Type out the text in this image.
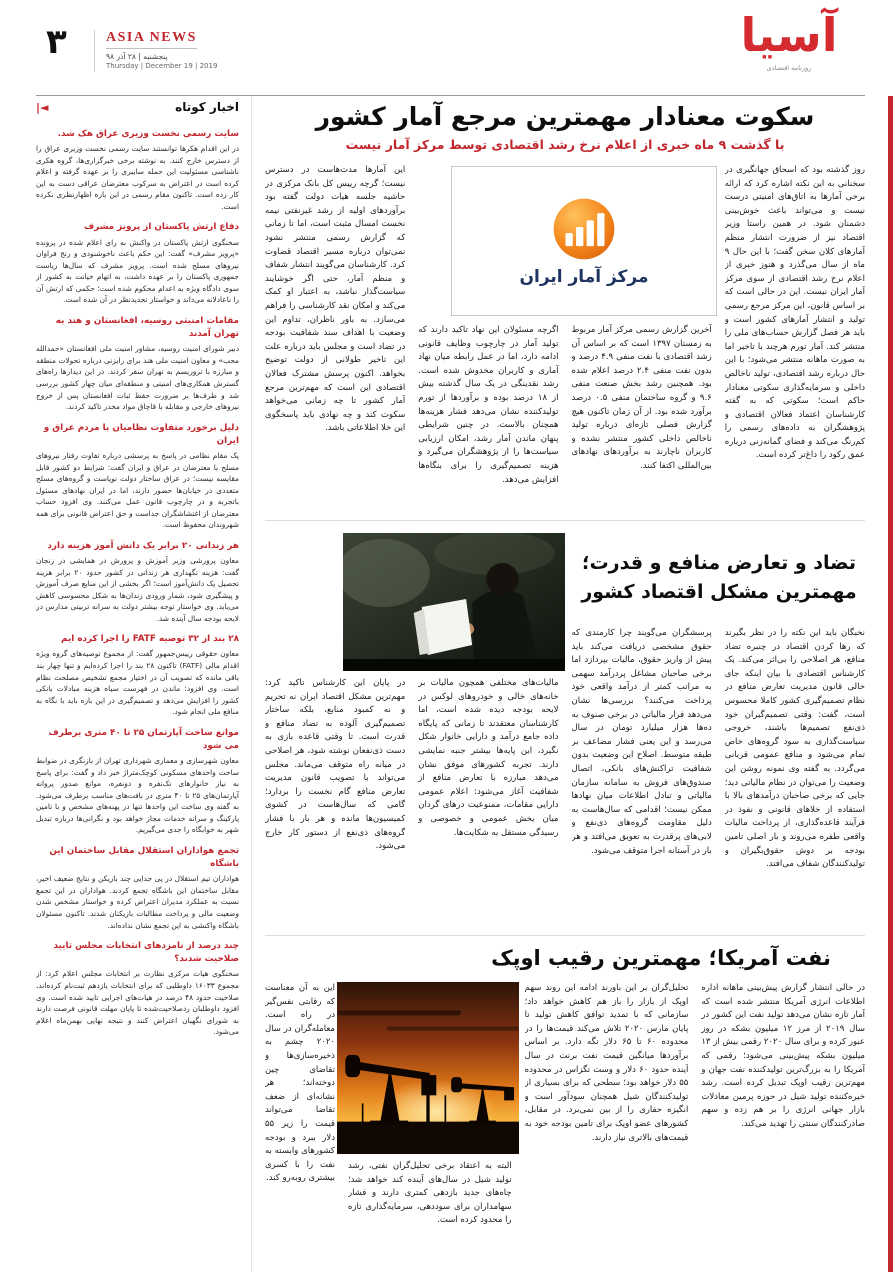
۳	ASIA NEWS
پنجشنبه | ۲۸ آذر ۹۸
Thursday | December 19 | 2019
آسیا
روزنامه اقتصادی
سکوت معنادار مهمترین مرجع آمار کشور
با گذشت ۹ ماه خبری از اعلام نرخ رشد اقتصادی توسط مرکز آمار نیست
مرکز آمار ایران
روز گذشته بود که اسحاق جهانگیری در سخنانی به این نکته اشاره کرد که ارائه برخی آمارها به اتاق‌های امنیتی درست نیست و می‌تواند باعث خوش‌بینی دشمنان شود. در همین راستا وزیر اقتصاد نیز از ضرورت انتشار منظم آمارهای کلان سخن گفت؛ با این حال ۹ ماه از سال می‌گذرد و هنوز خبری از اعلام نرخ رشد اقتصادی از سوی مرکز آمار ایران نیست. این در حالی است که بر اساس قانون، این مرکز مرجع رسمی تولید و انتشار آمارهای کشور است و باید هر فصل گزارش حساب‌های ملی را منتشر کند. آمار تورم هرچند با تاخیر اما به صورت ماهانه منتشر می‌شود؛ با این حال درباره رشد اقتصادی، تولید ناخالص داخلی و سرمایه‌گذاری سکوتی معنادار حاکم است؛ سکوتی که به گفته کارشناسان اعتماد فعالان اقتصادی و پژوهشگران به داده‌های رسمی را کم‌رنگ می‌کند و فضای گمانه‌زنی درباره عمق رکود را داغ‌تر کرده است.
آخرین گزارش رسمی مرکز آمار مربوط به زمستان ۱۳۹۷ است که بر اساس آن رشد اقتصادی با نفت منفی ۴.۹ درصد و بدون نفت منفی ۲.۴ درصد اعلام شده بود. همچنین رشد بخش صنعت منفی ۹.۶ و گروه ساختمان منفی ۰.۵ درصد برآورد شده بود. از آن زمان تاکنون هیچ گزارش فصلی تازه‌ای درباره تولید ناخالص داخلی کشور منتشر نشده و کاربران ناچارند به برآوردهای نهادهای بین‌المللی اکتفا کنند.
اگرچه مسئولان این نهاد تاکید دارند که تولید آمار در چارچوب وظایف قانونی ادامه دارد، اما در عمل رابطه میان نهاد آماری و کاربران مخدوش شده است. رشد نقدینگی در یک سال گذشته بیش از ۱۸ درصد بوده و برآوردها از تورم تولیدکننده نشان می‌دهد فشار هزینه‌ها همچنان بالاست. در چنین شرایطی پنهان ماندن آمار رشد، امکان ارزیابی سیاست‌ها را از پژوهشگران می‌گیرد و هزینه تصمیم‌گیری را برای بنگاه‌ها افزایش می‌دهد.
این آمارها مدت‌هاست در دسترس نیست؛ گرچه رییس کل بانک مرکزی در حاشیه جلسه هیات دولت گفته بود برآوردهای اولیه از رشد غیرنفتی نیمه نخست امسال مثبت است، اما تا زمانی که گزارش رسمی منتشر نشود نمی‌توان درباره مسیر اقتصاد قضاوت کرد. کارشناسان می‌گویند انتشار شفاف و منظم آمار، حتی اگر خوشایند سیاست‌گذار نباشد، به اعتبار او کمک می‌کند و امکان نقد کارشناسی را فراهم می‌سازد. به باور ناظران، تداوم این وضعیت با اهداف سند شفافیت بودجه در تضاد است و مجلس باید درباره علت این تاخیر طولانی از دولت توضیح بخواهد. اکنون پرسش مشترک فعالان اقتصادی این است که مهم‌ترین مرجع آمار کشور تا چه زمانی می‌خواهد سکوت کند و چه نهادی باید پاسخگوی این خلا اطلاعاتی باشد.
تضاد و تعارض منافع و قدرت؛
مهمترین مشکل اقتصاد کشور
نخبگان باید این نکته را در نظر بگیرند که رها کردن اقتصاد در چنبره تضاد منافع، هر اصلاحی را بی‌اثر می‌کند. یک کارشناس اقتصادی با بیان اینکه جای خالی قانون مدیریت تعارض منافع در نظام تصمیم‌گیری کشور کاملا محسوس است، گفت: وقتی تصمیم‌گیران خود ذی‌نفع تصمیم‌ها باشند، خروجی سیاست‌گذاری به سود گروه‌های خاص تمام می‌شود و منافع عمومی قربانی می‌گردد. به گفته وی نمونه روشن این وضعیت را می‌توان در نظام مالیاتی دید؛ جایی که برخی صاحبان درآمدهای بالا با استفاده از خلاهای قانونی و نفوذ در فرآیند قاعده‌گذاری، از پرداخت مالیات واقعی طفره می‌روند و بار اصلی تامین بودجه بر دوش حقوق‌بگیران و تولیدکنندگان شفاف می‌افتد.
پرسشگران می‌گویند چرا کارمندی که حقوق مشخصی دریافت می‌کند باید پیش از واریز حقوق، مالیات بپردازد اما برخی صاحبان مشاغل پردرآمد سهمی به مراتب کمتر از درآمد واقعی خود پرداخت می‌کنند؟ بررسی‌ها نشان می‌دهد فرار مالیاتی در برخی صنوف به ده‌ها هزار میلیارد تومان در سال می‌رسد و این یعنی فشار مضاعف بر طبقه متوسط. اصلاح این وضعیت بدون شفافیت تراکنش‌های بانکی، اتصال صندوق‌های فروش به سامانه سازمان مالیاتی و تبادل اطلاعات میان نهادها ممکن نیست؛ اقدامی که سال‌هاست به دلیل مقاومت گروه‌های ذی‌نفع و لابی‌های پرقدرت به تعویق می‌افتد و هر بار در آستانه اجرا متوقف می‌شود.
مالیات‌های مختلفی همچون مالیات بر خانه‌های خالی و خودروهای لوکس در لایحه بودجه دیده شده است، اما کارشناسان معتقدند تا زمانی که پایگاه داده جامع درآمد و دارایی خانوار شکل نگیرد، این پایه‌ها بیشتر جنبه نمایشی دارند. تجربه کشورهای موفق نشان می‌دهد مبارزه با تعارض منافع از شفافیت آغاز می‌شود: اعلام عمومی دارایی مقامات، ممنوعیت درهای گردان میان بخش عمومی و خصوصی و رسیدگی مستقل به شکایت‌ها.
در پایان این کارشناس تاکید کرد: مهم‌ترین مشکل اقتصاد ایران نه تحریم و نه کمبود منابع، بلکه ساختار تصمیم‌گیری آلوده به تضاد منافع و قدرت است. تا وقتی قاعده بازی به دست ذی‌نفعان نوشته شود، هر اصلاحی در میانه راه متوقف می‌ماند. مجلس می‌تواند با تصویب قانون مدیریت تعارض منافع گام نخست را بردارد؛ گامی که سال‌هاست در کشوی کمیسیون‌ها مانده و هر بار با فشار گروه‌های ذی‌نفع از دستور کار خارج می‌شود.
نفت آمریکا؛ مهمترین رقیب اوپک
در حالی انتشار گزارش پیش‌بینی ماهانه اداره اطلاعات انرژی آمریکا منتشر شده است که آمار تازه نشان می‌دهد تولید نفت این کشور در سال ۲۰۱۹ از مرز ۱۲ میلیون بشکه در روز عبور کرده و برای سال ۲۰۲۰ رقمی بیش از ۱۳ میلیون بشکه پیش‌بینی می‌شود؛ رقمی که آمریکا را به بزرگ‌ترین تولیدکننده نفت جهان و مهم‌ترین رقیب اوپک تبدیل کرده است. رشد خیره‌کننده تولید شیل در حوزه پرمین معادلات بازار جهانی انرژی را بر هم زده و سهم صادرکنندگان سنتی را تهدید می‌کند.
تحلیل‌گران بر این باورند ادامه این روند سهم اوپک از بازار را باز هم کاهش خواهد داد؛ سازمانی که با تمدید توافق کاهش تولید تا پایان مارس ۲۰۲۰ تلاش می‌کند قیمت‌ها را در محدوده ۶۰ تا ۶۵ دلار نگه دارد. بر اساس برآوردها میانگین قیمت نفت برنت در سال آینده حدود ۶۰ دلار و وست تگزاس در محدوده ۵۵ دلار خواهد بود؛ سطحی که برای بسیاری از تولیدکنندگان شیل همچنان سودآور است و انگیزه حفاری را از بین نمی‌برد. در مقابل، کشورهای عضو اوپک برای تامین بودجه خود به قیمت‌های بالاتری نیاز دارند.
البته به اعتقاد برخی تحلیل‌گران نفتی، رشد تولید شیل در سال‌های آینده کند خواهد شد؛ چاه‌های جدید بازدهی کمتری دارند و فشار سهامداران برای سوددهی، سرمایه‌گذاری تازه را محدود کرده است.
این به آن معناست که رقابتی نفس‌گیر در راه است. معامله‌گران در سال ۲۰۲۰ چشم به ذخیره‌سازی‌ها و تقاضای چین دوخته‌اند؛ هر نشانه‌ای از ضعف تقاضا می‌تواند قیمت را زیر ۵۵ دلار ببرد و بودجه کشورهای وابسته به نفت را با کسری بیشتری روبه‌رو کند.
اخبار کوتاه
◄|
سایت رسمی نخست وزیری عراق هک شد.
در این اقدام هکرها توانستند سایت رسمی نخست وزیری عراق را از دسترس خارج کنند. به نوشته برخی خبرگزاری‌ها، گروه هکری ناشناسی مسئولیت این حمله سایبری را بر عهده گرفته و اعلام کرده است در اعتراض به سرکوب معترضان عراقی دست به این کار زده است. تاکنون مقام رسمی در این باره اظهارنظری نکرده است.
دفاع ارتش پاکستان از پرویز مشرف
سخنگوی ارتش پاکستان در واکنش به رای اعلام شده در پرونده «پرویز مشرف» گفت: این حکم باعث ناخوشنودی و رنج فراوان نیروهای مسلح شده است. پرویز مشرف که سال‌ها ریاست جمهوری پاکستان را بر عهده داشت، به اتهام خیانت به کشور از سوی دادگاه ویژه به اعدام محکوم شده است؛ حکمی که ارتش آن را ناعادلانه می‌داند و خواستار تجدیدنظر در آن شده است.
مقامات امنیتی روسیه، افغانستان و هند به تهران آمدند
دبیر شورای امنیت روسیه، مشاور امنیت ملی افغانستان «حمدالله محب» و معاون امنیت ملی هند برای رایزنی درباره تحولات منطقه و مبارزه با تروریسم به تهران سفر کردند. در این دیدارها راه‌های گسترش همکاری‌های امنیتی و منطقه‌ای میان چهار کشور بررسی شد و طرف‌ها بر ضرورت حفظ ثبات افغانستان پس از خروج نیروهای خارجی و مقابله با قاچاق مواد مخدر تاکید کردند.
دلیل برخورد متفاوت نظامیان با مردم عراق و ایران
یک مقام نظامی در پاسخ به پرسشی درباره تفاوت رفتار نیروهای مسلح با معترضان در عراق و ایران گفت: شرایط دو کشور قابل مقایسه نیست؛ در عراق ساختار دولت نوپاست و گروه‌های مسلح متعددی در خیابان‌ها حضور دارند، اما در ایران نهادهای مسئول باتجربه و در چارچوب قانون عمل می‌کنند. وی افزود حساب معترضان از اغتشاشگران جداست و حق اعتراض قانونی برای همه شهروندان محفوظ است.
هر زندانی ۲۰ برابر یک دانش آموز هزینه دارد
معاون پرورشی وزیر آموزش و پرورش در همایشی در زنجان گفت: هزینه نگهداری هر زندانی در کشور حدود ۲۰ برابر هزینه تحصیل یک دانش‌آموز است؛ اگر بخشی از این منابع صرف آموزش و پیشگیری شود، شمار ورودی زندان‌ها به شکل محسوسی کاهش می‌یابد. وی خواستار توجه بیشتر دولت به سرانه تربیتی مدارس در لایحه بودجه سال آینده شد.
۲۸ بند از ۳۲ توصیه FATF را اجرا کرده ایم
معاون حقوقی رییس‌جمهور گفت: از مجموع توصیه‌های گروه ویژه اقدام مالی (FATF) تاکنون ۲۸ بند را اجرا کرده‌ایم و تنها چهار بند باقی مانده که تصویب آن در اختیار مجمع تشخیص مصلحت نظام است. وی افزود: ماندن در فهرست سیاه هزینه مبادلات بانکی کشور را افزایش می‌دهد و تصمیم‌گیری در این باره باید با نگاه به منافع ملی انجام شود.
موانع ساخت آپارتمان ۲۵ تا ۴۰ متری برطرف می شود
معاون شهرسازی و معماری شهرداری تهران از بازنگری در ضوابط ساخت واحدهای مسکونی کوچک‌متراژ خبر داد و گفت: برای پاسخ به نیاز خانوارهای تک‌نفره و دونفره، موانع صدور پروانه آپارتمان‌های ۲۵ تا ۴۰ متری در بافت‌های مناسب برطرف می‌شود. به گفته وی ساخت این واحدها تنها در پهنه‌های مشخص و با تامین پارکینگ و سرانه خدمات مجاز خواهد بود و نگرانی‌ها درباره تبدیل شهر به خوابگاه را جدی می‌گیریم.
تجمع هواداران استقلال مقابل ساختمان این باشگاه
هواداران تیم استقلال در پی جدایی چند بازیکن و نتایج ضعیف اخیر، مقابل ساختمان این باشگاه تجمع کردند. هواداران در این تجمع نسبت به عملکرد مدیران اعتراض کرده و خواستار مشخص شدن وضعیت مالی و پرداخت مطالبات بازیکنان شدند. تاکنون مسئولان باشگاه واکنشی به این تجمع نشان نداده‌اند.
چند درصد از نامزدهای انتخابات مجلس تایید صلاحیت شدند؟
سخنگوی هیات مرکزی نظارت بر انتخابات مجلس اعلام کرد: از مجموع ۱۶۰۳۳ داوطلبی که برای انتخابات یازدهم ثبت‌نام کرده‌اند، صلاحیت حدود ۴۸ درصد در هیات‌های اجرایی تایید شده است. وی افزود داوطلبان ردصلاحیت‌شده تا پایان مهلت قانونی فرصت دارند به شورای نگهبان اعتراض کنند و نتیجه نهایی بهمن‌ماه اعلام می‌شود.
